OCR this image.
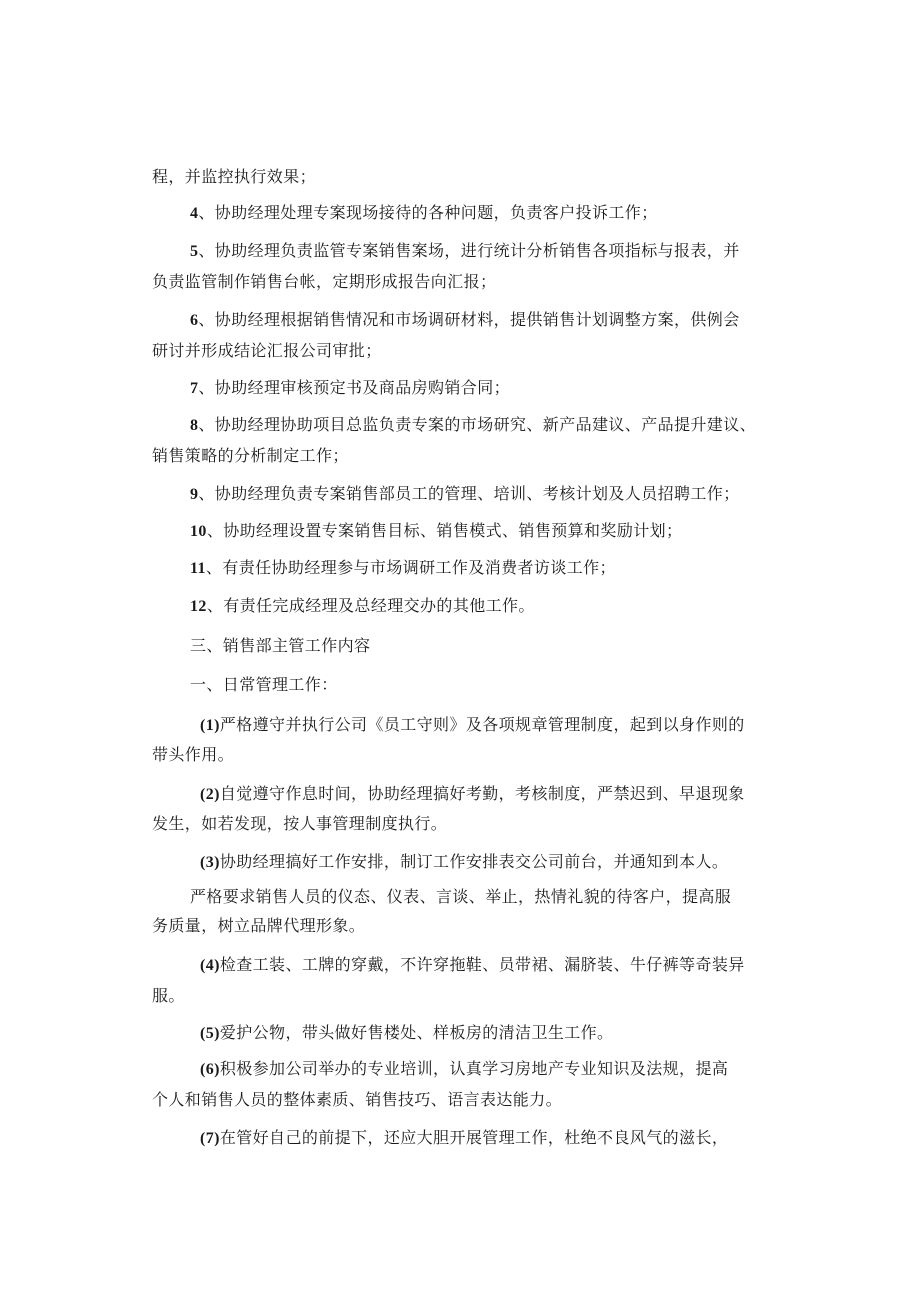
程，并监控执行效果；
4、协助经理处理专案现场接待的各种问题，负责客户投诉工作；
5、协助经理负责监管专案销售案场，进行统计分析销售各项指标与报表，并
负责监管制作销售台帐，定期形成报告向汇报；
6、协助经理根据销售情况和市场调研材料，提供销售计划调整方案，供例会
研讨并形成结论汇报公司审批；
7、协助经理审核预定书及商品房购销合同；
8、协助经理协助项目总监负责专案的市场研究、新产品建议、产品提升建议、
销售策略的分析制定工作；
9、协助经理负责专案销售部员工的管理、培训、考核计划及人员招聘工作；
10、协助经理设置专案销售目标、销售模式、销售预算和奖励计划；
11、有责任协助经理参与市场调研工作及消费者访谈工作；
12、有责任完成经理及总经理交办的其他工作。
三、销售部主管工作内容
一、日常管理工作：
(1)严格遵守并执行公司《员工守则》及各项规章管理制度，起到以身作则的
带头作用。
(2)自觉遵守作息时间，协助经理搞好考勤，考核制度，严禁迟到、早退现象
发生，如若发现，按人事管理制度执行。
(3)协助经理搞好工作安排，制订工作安排表交公司前台，并通知到本人。
严格要求销售人员的仪态、仪表、言谈、举止，热情礼貌的待客户，提高服
务质量，树立品牌代理形象。
(4)检查工装、工牌的穿戴，不许穿拖鞋、员带裙、漏脐装、牛仔裤等奇装异
服。
(5)爱护公物，带头做好售楼处、样板房的清洁卫生工作。
(6)积极参加公司举办的专业培训，认真学习房地产专业知识及法规，提高
个人和销售人员的整体素质、销售技巧、语言表达能力。
(7)在管好自己的前提下，还应大胆开展管理工作，杜绝不良风气的滋长，
